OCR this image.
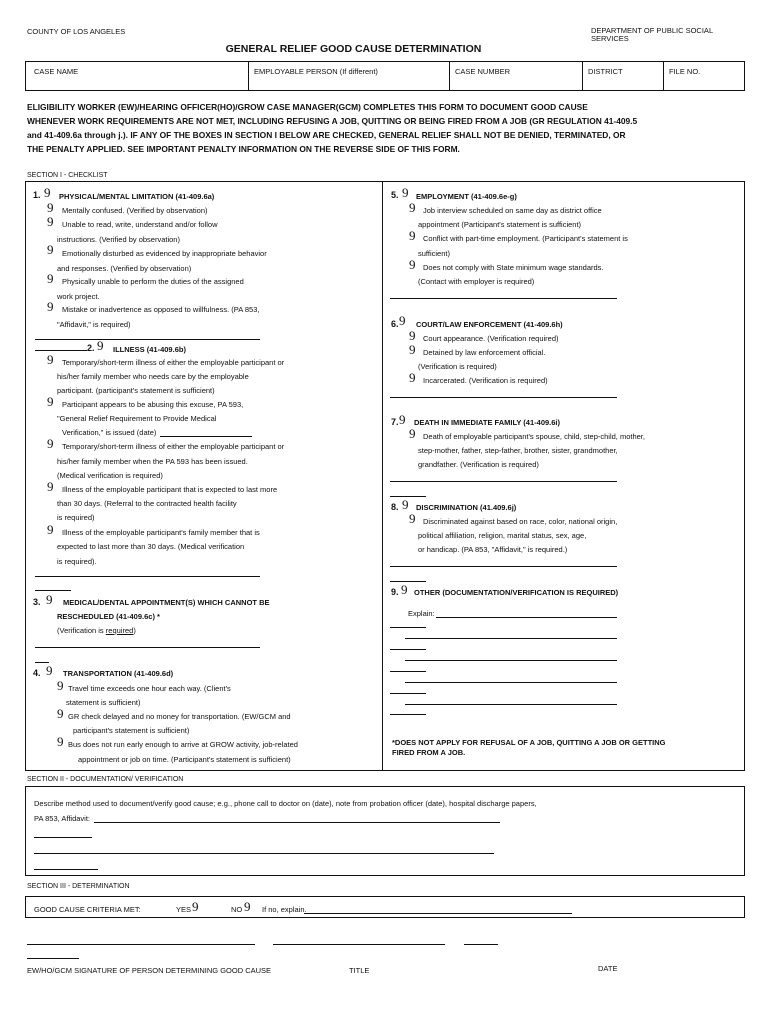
COUNTY OF LOS ANGELES	DEPARTMENT OF PUBLIC SOCIAL
SERVICES
GENERAL RELIEF GOOD CAUSE DETERMINATION
CASE NAME	EMPLOYABLE PERSON (If different)	CASE NUMBER	DISTRICT	FILE NO.
ELIGIBILITY WORKER (EW)/HEARING OFFICER(HO)/GROW CASE MANAGER(GCM) COMPLETES THIS FORM TO DOCUMENT GOOD CAUSE
WHENEVER WORK REQUIREMENTS ARE NOT MET, INCLUDING REFUSING A JOB, QUITTING OR BEING FIRED FROM A JOB (GR REGULATION 41-409.5
and 41-409.6a through j.). IF ANY OF THE BOXES IN SECTION I BELOW ARE CHECKED, GENERAL RELIEF SHALL NOT BE DENIED, TERMINATED, OR
THE PENALTY APPLIED. SEE IMPORTANT PENALTY INFORMATION ON THE REVERSE SIDE OF THIS FORM.
SECTION I - CHECKLIST
1. 9 PHYSICAL/MENTAL LIMITATION (41-409.6a)
9 Mentally confused. (Verified by observation)
9 Unable to read, write, understand and/or follow
instructions. (Verified by observation)
9 Emotionally disturbed as evidenced by inappropriate behavior
and responses. (Verified by observation)
9 Physically unable to perform the duties of the assigned
work project.
9 Mistake or inadvertence as opposed to willfulness. (PA 853,
"Affidavit," is required)
2. 9 ILLNESS (41-409.6b)
9 Temporary/short-term illness of either the employable participant or
his/her family member who needs care by the employable
participant. (participant's statement is sufficient)
9 Participant appears to be abusing this excuse, PA 593,
"General Relief Requirement to Provide Medical
Verification," is issued (date)
9 Temporary/short-term illness of either the employable participant or
his/her family member when the PA 593 has been issued.
(Medical verification is required)
9 Illness of the employable participant that is expected to last more
than 30 days. (Referral to the contracted health facility
is required)
9 Illness of the employable participant's family member that is
expected to last more than 30 days. (Medical verification
is required).
3. 9 MEDICAL/DENTAL APPOINTMENT(S) WHICH CANNOT BE
RESCHEDULED (41-409.6c) *
(Verification is required)
4. 9 TRANSPORTATION (41-409.6d)
9 Travel time exceeds one hour each way. (Client's
statement is sufficient)
9 GR check delayed and no money for transportation. (EW/GCM and
participant's statement is sufficient)
9 Bus does not run early enough to arrive at GROW activity, job-related
appointment or job on time. (Participant's statement is sufficient)
5. 9 EMPLOYMENT (41-409.6e-g)
9 Job interview scheduled on same day as district office
appointment (Participant's statement is sufficient)
9 Conflict with part-time employment. (Participant's statement is
sufficient)
9 Does not comply with State minimum wage standards.
(Contact with employer is required)
6. 9 COURT/LAW ENFORCEMENT (41-409.6h)
9 Court appearance. (Verification required)
9 Detained by law enforcement official.
(Verification is required)
9 Incarcerated. (Verification is required)
7. 9 DEATH IN IMMEDIATE FAMILY (41-409.6i)
9 Death of employable participant's spouse, child, step-child, mother,
step-mother, father, step-father, brother, sister, grandmother,
grandfather. (Verification is required)
8. 9 DISCRIMINATION (41.409.6j)
9 Discriminated against based on race, color, national origin,
political affiliation, religion, marital status, sex, age,
or handicap. (PA 853, "Affidavit," is required.)
9. 9 OTHER (DOCUMENTATION/VERIFICATION IS REQUIRED)
Explain:
*DOES NOT APPLY FOR REFUSAL OF A JOB, QUITTING A JOB OR GETTING
FIRED FROM A JOB.
SECTION II - DOCUMENTATION/ VERIFICATION
Describe method used to document/verify good cause; e.g., phone call to doctor on (date), note from probation officer (date), hospital discharge papers,
PA 853, Affidavit:
SECTION III - DETERMINATION
GOOD CAUSE CRITERIA MET:	YES 9	NO 9 If no, explain.
EW/HO/GCM SIGNATURE OF PERSON DETERMINING GOOD CAUSE	TITLE	DATE
